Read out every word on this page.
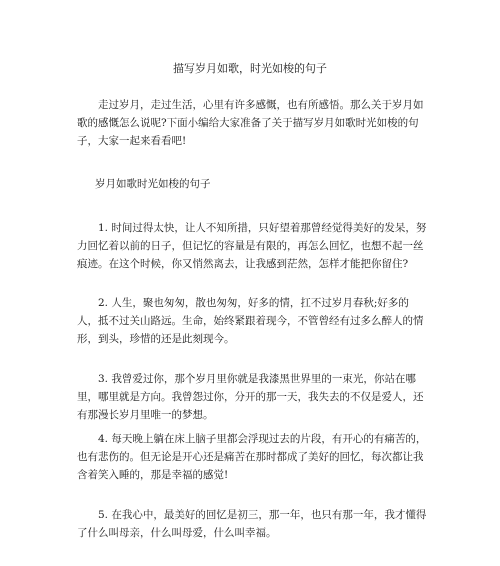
描写岁月如歌，时光如梭的句子

走过岁月，走过生活，心里有许多感慨，也有所感悟。那么关于岁月如歌的感慨怎么说呢?下面小编给大家准备了关于描写岁月如歌时光如梭的句子，大家一起来看看吧!

岁月如歌时光如梭的句子

1. 时间过得太快，让人不知所措，只好望着那曾经觉得美好的发呆，努力回忆着以前的日子，但记忆的容量是有限的，再怎么回忆，也想不起一丝痕迹。在这个时候，你又悄然离去，让我感到茫然，怎样才能把你留住?

2. 人生，聚也匆匆，散也匆匆，好多的情，扛不过岁月春秋;好多的人，抵不过关山路远。生命，始终紧跟着现今，不管曾经有过多么醉人的情形，到头，珍惜的还是此刻现今。

3. 我曾爱过你，那个岁月里你就是我漆黑世界里的一束光，你站在哪里，哪里就是方向。我曾怨过你，分开的那一天，我失去的不仅是爱人，还有那漫长岁月里唯一的梦想。

4. 每天晚上躺在床上脑子里都会浮现过去的片段，有开心的有痛苦的，也有悲伤的。但无论是开心还是痛苦在那时都成了美好的回忆，每次都让我含着笑入睡的，那是幸福的感觉!

5. 在我心中，最美好的回忆是初三，那一年，也只有那一年，我才懂得了什么叫母亲，什么叫母爱，什么叫幸福。
